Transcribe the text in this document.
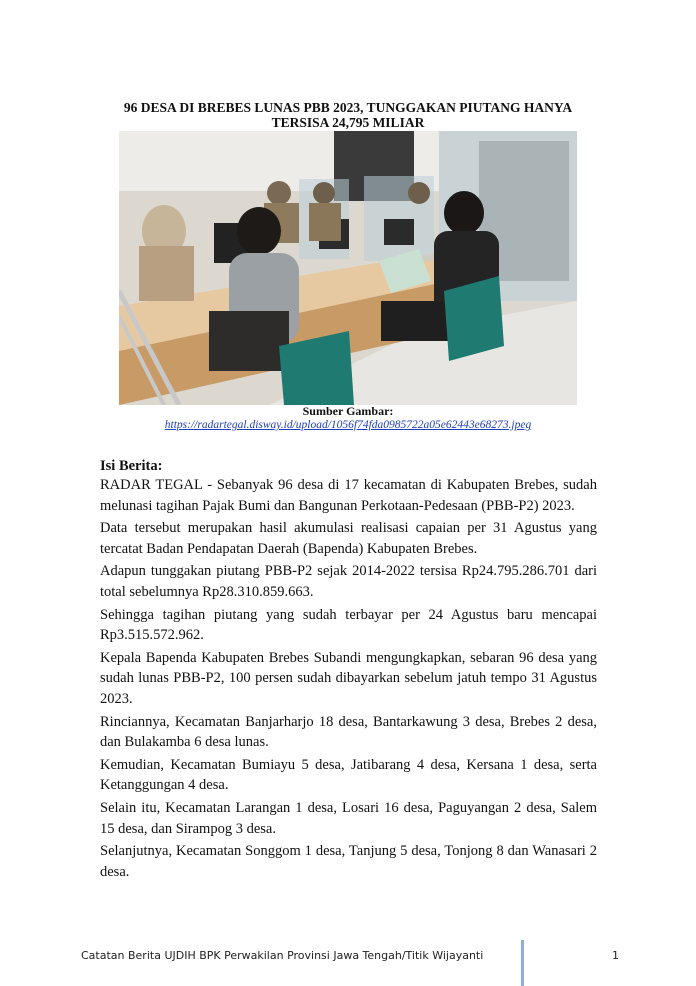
96 DESA DI BREBES LUNAS PBB 2023, TUNGGAKAN PIUTANG HANYA TERSISA 24,795 MILIAR
Sumber Gambar:
https://radartegal.disway.id/upload/1056f74fda0985722a05e62443e68273.jpeg
Isi Berita:

RADAR TEGAL - Sebanyak 96 desa di 17 kecamatan di Kabupaten Brebes, sudah melunasi tagihan Pajak Bumi dan Bangunan Perkotaan-Pedesaan (PBB-P2) 2023.

Data tersebut merupakan hasil akumulasi realisasi capaian per 31 Agustus yang tercatat Badan Pendapatan Daerah (Bapenda) Kabupaten Brebes.

Adapun tunggakan piutang PBB-P2 sejak 2014-2022 tersisa Rp24.795.286.701 dari total sebelumnya Rp28.310.859.663.

Sehingga tagihan piutang yang sudah terbayar per 24 Agustus baru mencapai Rp3.515.572.962.

Kepala Bapenda Kabupaten Brebes Subandi mengungkapkan, sebaran 96 desa yang sudah lunas PBB-P2, 100 persen sudah dibayarkan sebelum jatuh tempo 31 Agustus 2023.

Rinciannya, Kecamatan Banjarharjo 18 desa, Bantarkawung 3 desa, Brebes 2 desa, dan Bulakamba 6 desa lunas.

Kemudian, Kecamatan Bumiayu 5 desa, Jatibarang 4 desa, Kersana 1 desa, serta Ketanggungan 4 desa.

Selain itu, Kecamatan Larangan 1 desa, Losari 16 desa, Paguyangan 2 desa, Salem 15 desa, dan Sirampog 3 desa.

Selanjutnya, Kecamatan Songgom 1 desa, Tanjung 5 desa, Tonjong 8 dan Wanasari 2 desa.

Catatan Berita UJDIH BPK Perwakilan Provinsi Jawa Tengah/Titik Wijayanti	1
